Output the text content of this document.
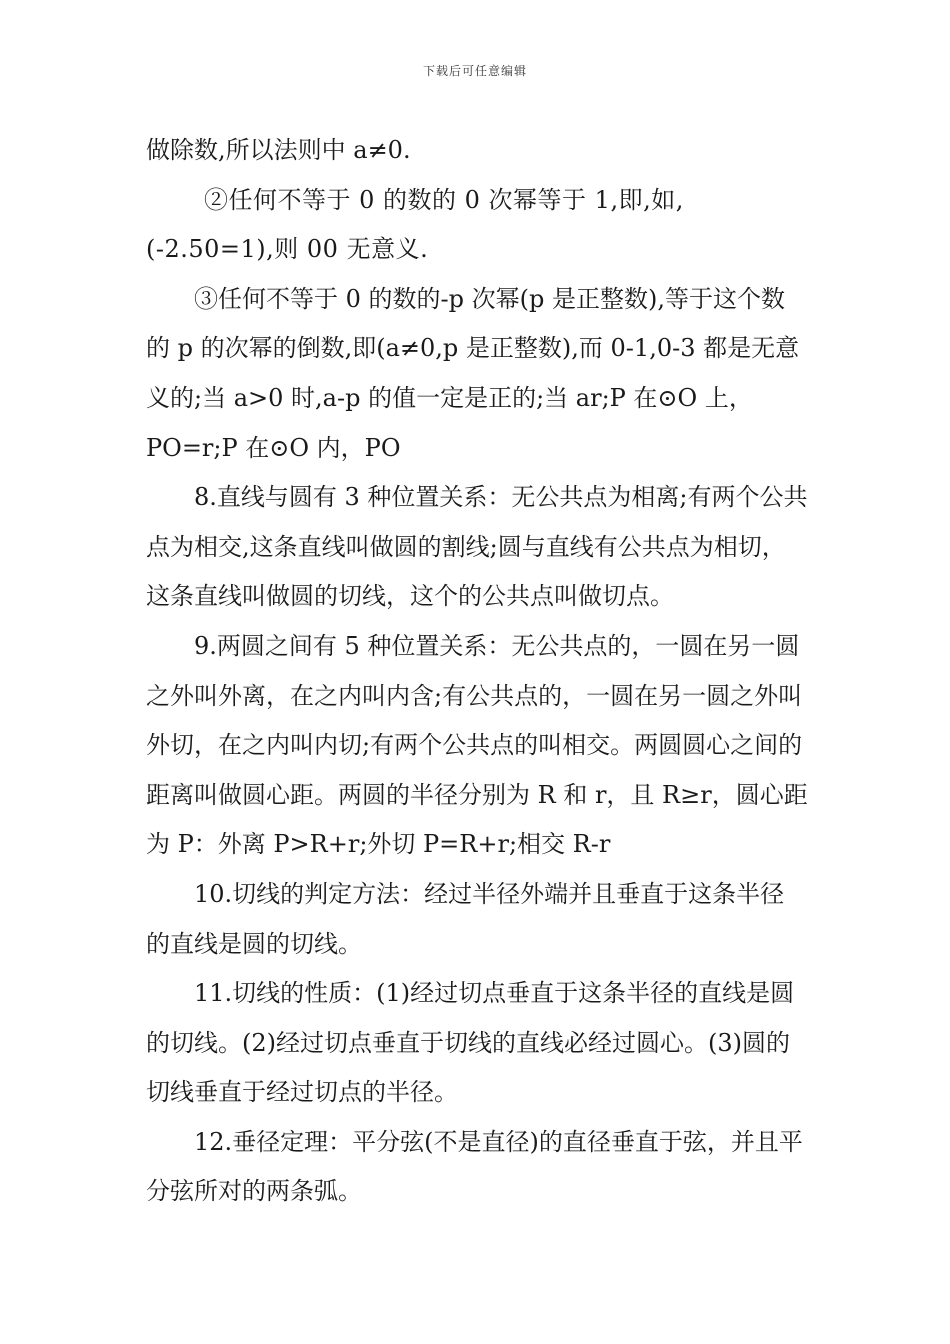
下载后可任意编辑

做除数,所以法则中 a≠0.

②任何不等于 0 的数的 0 次幂等于 1,即,如,(-2.50=1),则 00 无意义.

③任何不等于 0 的数的-p 次幂(p 是正整数),等于这个数的 p 的次幂的倒数,即(a≠0,p 是正整数),而 0-1,0-3 都是无意义的;当 a>0 时,a-p 的值一定是正的;当 ar;P 在⊙O 上，PO=r;P 在⊙O 内，PO

8.直线与圆有 3 种位置关系：无公共点为相离;有两个公共点为相交,这条直线叫做圆的割线;圆与直线有公共点为相切，这条直线叫做圆的切线，这个的公共点叫做切点。

9.两圆之间有 5 种位置关系：无公共点的，一圆在另一圆之外叫外离，在之内叫内含;有公共点的，一圆在另一圆之外叫外切，在之内叫内切;有两个公共点的叫相交。两圆圆心之间的距离叫做圆心距。两圆的半径分别为 R 和 r，且 R≥r，圆心距为 P：外离 P>R+r;外切 P=R+r;相交 R-r

10.切线的判定方法：经过半径外端并且垂直于这条半径的直线是圆的切线。

11.切线的性质：(1)经过切点垂直于这条半径的直线是圆的切线。(2)经过切点垂直于切线的直线必经过圆心。(3)圆的切线垂直于经过切点的半径。

12.垂径定理：平分弦(不是直径)的直径垂直于弦，并且平分弦所对的两条弧。
